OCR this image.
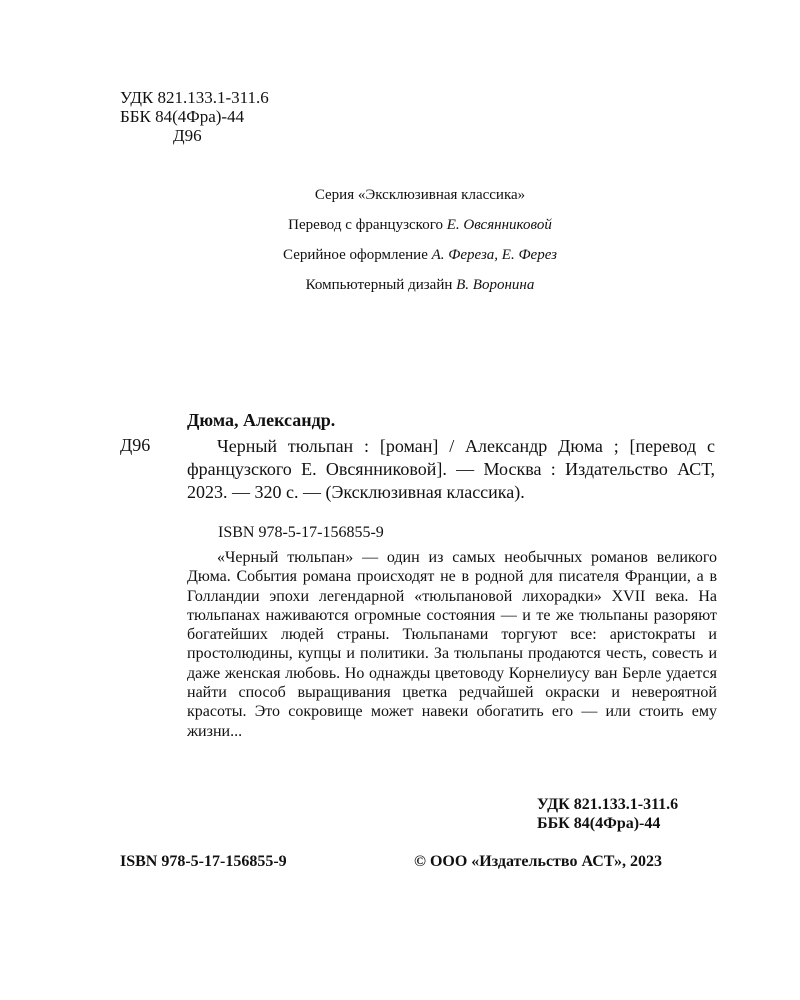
УДК 821.133.1-311.6
ББК 84(4Фра)-44
Д96
Серия «Эксклюзивная классика»
Перевод с французского Е. Овсянниковой
Серийное оформление А. Фереза, Е. Ферез
Компьютерный дизайн В. Воронина
Дюма, Александр.
Д96	Черный тюльпан : [роман] / Александр Дюма ; [перевод с французского Е. Овсянниковой]. — Москва : Издательство АСТ, 2023. — 320 с. — (Эксклюзивная классика).
ISBN 978-5-17-156855-9
«Черный тюльпан» — один из самых необычных романов великого Дюма. События романа происходят не в родной для писателя Франции, а в Голландии эпохи легендарной «тюльпановой лихорадки» XVII века. На тюльпанах наживаются огромные состояния — и те же тюльпаны разоряют богатейших людей страны. Тюльпанами торгуют все: аристократы и простолюдины, купцы и политики. За тюльпаны продаются честь, совесть и даже женская любовь. Но однажды цветоводу Корнелиусу ван Берле удается найти способ выращивания цветка редчайшей окраски и невероятной красоты. Это сокровище может навеки обогатить его — или стоить ему жизни...
УДК 821.133.1-311.6
ББК 84(4Фра)-44
ISBN 978-5-17-156855-9	© ООО «Издательство АСТ», 2023
